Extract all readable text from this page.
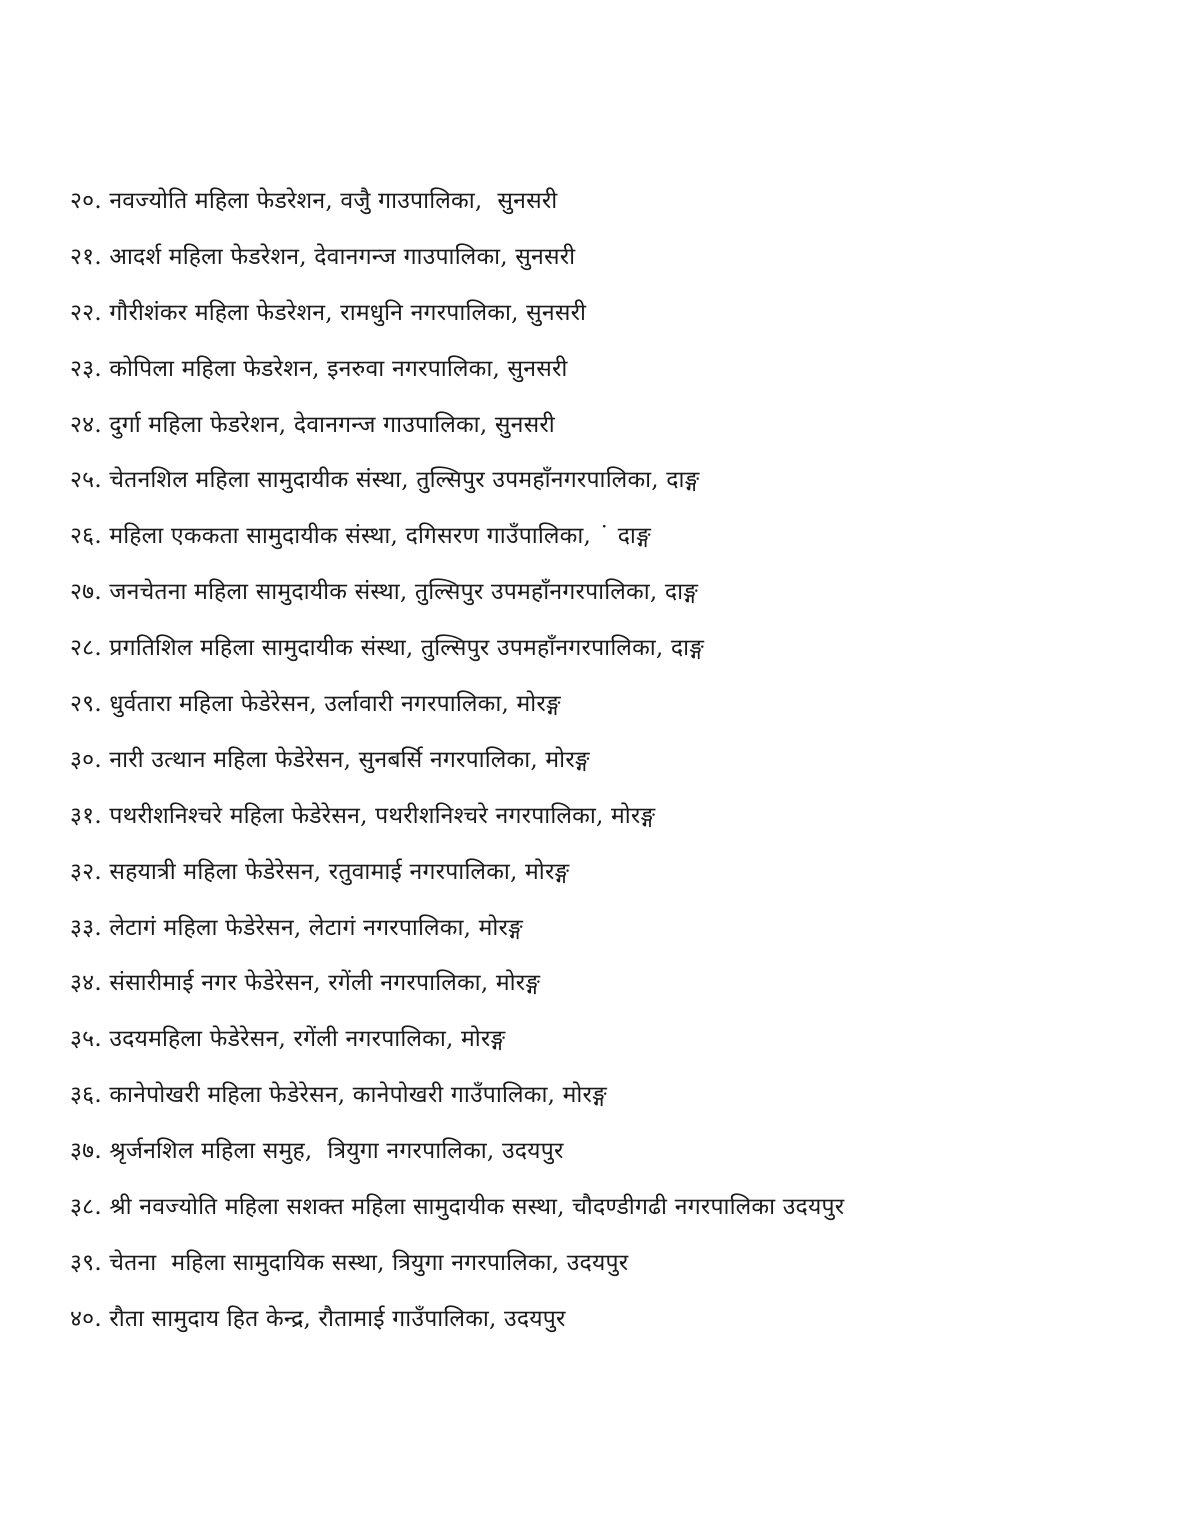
२०. नवज्योति महिला फेडरेशन, वजैु गाउपालिका,  सुनसरी
२१. आदर्श महिला फेडरेशन, देवानगन्ज गाउपालिका, सुनसरी
२२. गौरीशंकर महिला फेडरेशन, रामधुनि नगरपालिका, सुनसरी
२३. कोपिला महिला फेडरेशन, इनरुवा नगरपालिका, सुनसरी
२४. दुर्गा महिला फेडरेशन, देवानगन्ज गाउपालिका, सुनसरी
२५. चेतनशिल महिला सामुदायीक संस्था, तुल्सिपुर उपमहाँनगरपालिका, दाङ्ग
२६. महिला एककता सामुदायीक संस्था, दगिसरण गाउँपालिका, ˙ दाङ्ग
२७. जनचेतना महिला सामुदायीक संस्था, तुल्सिपुर उपमहाँनगरपालिका, दाङ्ग
२८. प्रगतिशिल महिला सामुदायीक संस्था, तुल्सिपुर उपमहाँनगरपालिका, दाङ्ग
२९. धुर्वतारा महिला फेडेरेसन, उर्लावारी नगरपालिका, मोरङ्ग
३०. नारी उत्थान महिला फेडेरेसन, सुनबर्सि नगरपालिका, मोरङ्ग
३१. पथरीशनिश्चरे महिला फेडेरेसन, पथरीशनिश्चरे नगरपालिका, मोरङ्ग
३२. सहयात्री महिला फेडेरेसन, रतुवामाई नगरपालिका, मोरङ्ग
३३. लेटागं महिला फेडेरेसन, लेटागं नगरपालिका, मोरङ्ग
३४. संसारीमाई नगर फेडेरेसन, रगेंली नगरपालिका, मोरङ्ग
३५. उदयमहिला फेडेरेसन, रगेंली नगरपालिका, मोरङ्ग
३६. कानेपोखरी महिला फेडेरेसन, कानेपोखरी गाउँपालिका, मोरङ्ग
३७. श्रृर्जनशिल महिला समुह,  त्रियुगा नगरपालिका, उदयपुर
३८. श्री नवज्योति महिला सशक्त महिला सामुदायीक सस्था, चौदण्डीगढी नगरपालिका उदयपुर
३९. चेतना  महिला सामुदायिक सस्था, त्रियुगा नगरपालिका, उदयपुर
४०. रौता सामुदाय हित केन्द्र, रौतामाई गाउँपालिका, उदयपुर
